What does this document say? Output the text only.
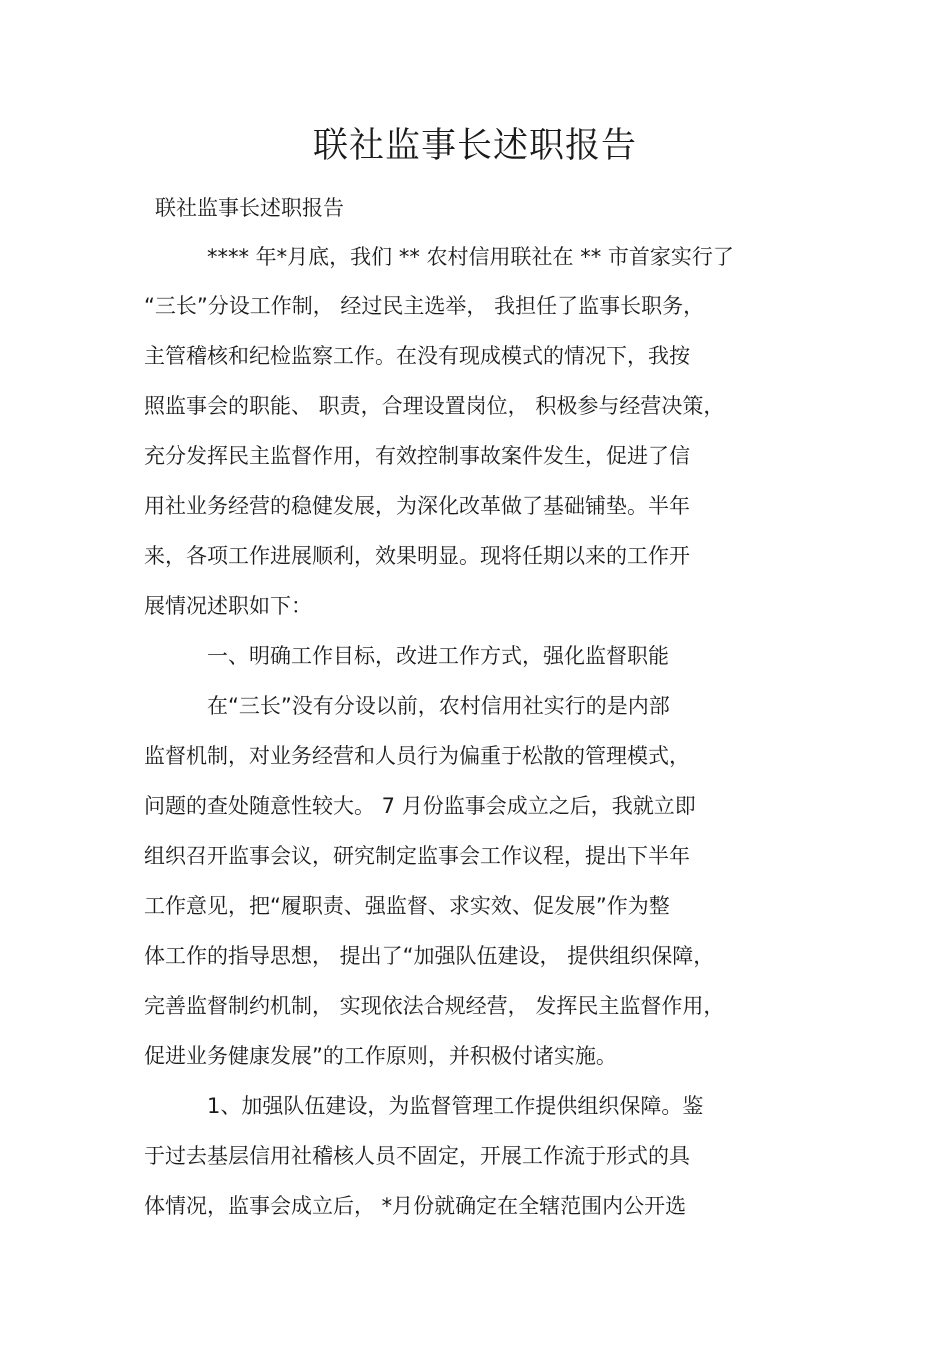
联社监事长述职报告
联社监事长述职报告
**** 年*月底，我们 ** 农村信用联社在 ** 市首家实行了
“三长”分设工作制， 经过民主选举， 我担任了监事长职务，
主管稽核和纪检监察工作。在没有现成模式的情况下，我按
照监事会的职能、 职责，合理设置岗位， 积极参与经营决策，
充分发挥民主监督作用，有效控制事故案件发生，促进了信
用社业务经营的稳健发展，为深化改革做了基础铺垫。半年
来，各项工作进展顺利，效果明显。现将任期以来的工作开
展情况述职如下：
一、明确工作目标，改进工作方式，强化监督职能
在“三长”没有分设以前，农村信用社实行的是内部
监督机制，对业务经营和人员行为偏重于松散的管理模式，
问题的查处随意性较大。 7 月份监事会成立之后，我就立即
组织召开监事会议，研究制定监事会工作议程，提出下半年
工作意见，把“履职责、强监督、求实效、促发展”作为整
体工作的指导思想， 提出了“加强队伍建设， 提供组织保障，
完善监督制约机制， 实现依法合规经营， 发挥民主监督作用，
促进业务健康发展”的工作原则，并积极付诸实施。
1、加强队伍建设，为监督管理工作提供组织保障。鉴
于过去基层信用社稽核人员不固定，开展工作流于形式的具
体情况，监事会成立后， *月份就确定在全辖范围内公开选
